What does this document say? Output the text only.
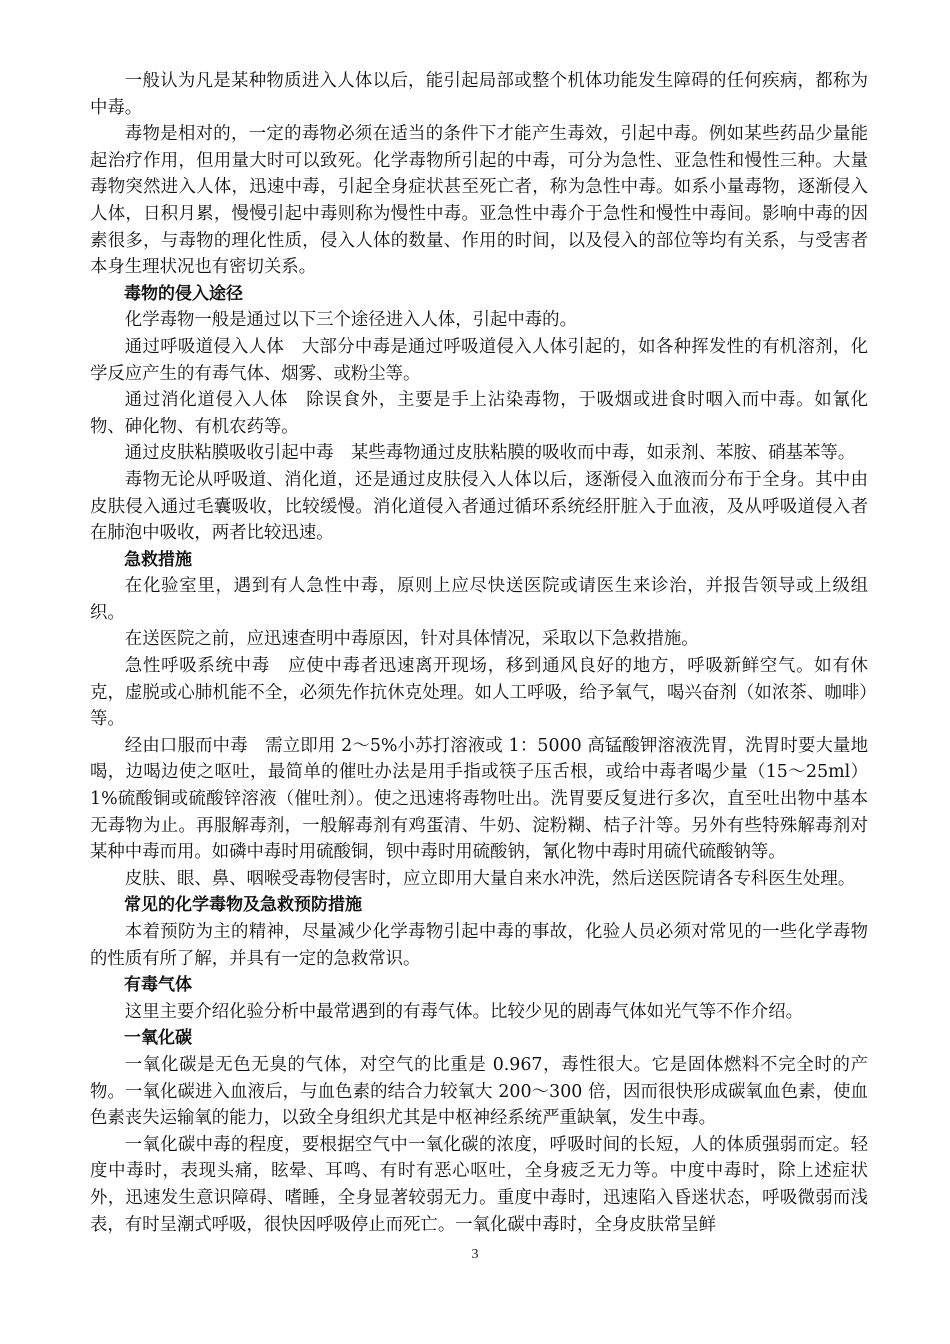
一般认为凡是某种物质进入人体以后，能引起局部或整个机体功能发生障碍的任何疾病，都称为中毒。

毒物是相对的，一定的毒物必须在适当的条件下才能产生毒效，引起中毒。例如某些药品少量能起治疗作用，但用量大时可以致死。化学毒物所引起的中毒，可分为急性、亚急性和慢性三种。大量毒物突然进入人体，迅速中毒，引起全身症状甚至死亡者，称为急性中毒。如系小量毒物，逐渐侵入人体，日积月累，慢慢引起中毒则称为慢性中毒。亚急性中毒介于急性和慢性中毒间。影响中毒的因素很多，与毒物的理化性质，侵入人体的数量、作用的时间，以及侵入的部位等均有关系，与受害者本身生理状况也有密切关系。

毒物的侵入途径

化学毒物一般是通过以下三个途径进入人体，引起中毒的。

通过呼吸道侵入人体　大部分中毒是通过呼吸道侵入人体引起的，如各种挥发性的有机溶剂，化学反应产生的有毒气体、烟雾、或粉尘等。

通过消化道侵入人体　除误食外，主要是手上沾染毒物，于吸烟或进食时咽入而中毒。如氰化物、砷化物、有机农药等。

通过皮肤粘膜吸收引起中毒　某些毒物通过皮肤粘膜的吸收而中毒，如汞剂、苯胺、硝基苯等。

毒物无论从呼吸道、消化道，还是通过皮肤侵入人体以后，逐渐侵入血液而分布于全身。其中由皮肤侵入通过毛囊吸收，比较缓慢。消化道侵入者通过循环系统经肝脏入于血液，及从呼吸道侵入者在肺泡中吸收，两者比较迅速。

急救措施

在化验室里，遇到有人急性中毒，原则上应尽快送医院或请医生来诊治，并报告领导或上级组织。

在送医院之前，应迅速查明中毒原因，针对具体情况，采取以下急救措施。

急性呼吸系统中毒　应使中毒者迅速离开现场，移到通风良好的地方，呼吸新鲜空气。如有休克，虚脱或心肺机能不全，必须先作抗休克处理。如人工呼吸，给予氧气，喝兴奋剂（如浓茶、咖啡）等。

经由口服而中毒　需立即用 2～5%小苏打溶液或 1：5000 高锰酸钾溶液洗胃，洗胃时要大量地喝，边喝边使之呕吐，最简单的催吐办法是用手指或筷子压舌根，或给中毒者喝少量（15～25ml）1%硫酸铜或硫酸锌溶液（催吐剂）。使之迅速将毒物吐出。洗胃要反复进行多次，直至吐出物中基本无毒物为止。再服解毒剂，一般解毒剂有鸡蛋清、牛奶、淀粉糊、桔子汁等。另外有些特殊解毒剂对某种中毒而用。如磷中毒时用硫酸铜，钡中毒时用硫酸钠，氰化物中毒时用硫代硫酸钠等。

皮肤、眼、鼻、咽喉受毒物侵害时，应立即用大量自来水冲洗，然后送医院请各专科医生处理。

常见的化学毒物及急救预防措施

本着预防为主的精神，尽量减少化学毒物引起中毒的事故，化验人员必须对常见的一些化学毒物的性质有所了解，并具有一定的急救常识。

有毒气体

这里主要介绍化验分析中最常遇到的有毒气体。比较少见的剧毒气体如光气等不作介绍。

一氧化碳

一氧化碳是无色无臭的气体，对空气的比重是 0.967，毒性很大。它是固体燃料不完全时的产物。一氧化碳进入血液后，与血色素的结合力较氧大 200～300 倍，因而很快形成碳氧血色素，使血色素丧失运输氧的能力，以致全身组织尤其是中枢神经系统严重缺氧，发生中毒。

一氧化碳中毒的程度，要根据空气中一氧化碳的浓度，呼吸时间的长短，人的体质强弱而定。轻度中毒时，表现头痛，眩晕、耳鸣、有时有恶心呕吐，全身疲乏无力等。中度中毒时，除上述症状外，迅速发生意识障碍、嗜睡，全身显著较弱无力。重度中毒时，迅速陷入昏迷状态，呼吸微弱而浅表，有时呈潮式呼吸，很快因呼吸停止而死亡。一氧化碳中毒时，全身皮肤常呈鲜

3
